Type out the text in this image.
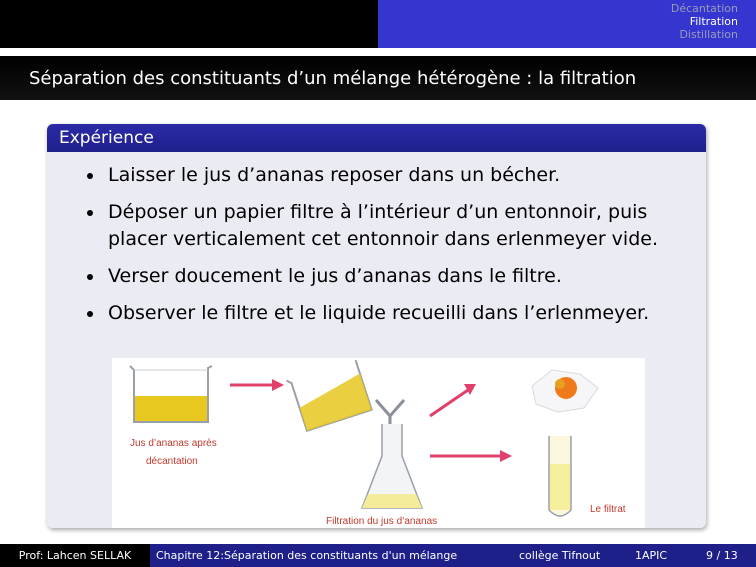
Décantation
Filtration
Distillation
Séparation des constituants d’un mélange hétérogène : la filtration
Expérience
Laisser le jus d’ananas reposer dans un bécher.
Déposer un papier filtre à l’intérieur d’un entonnoir, puis placer verticalement cet entonnoir dans erlenmeyer vide.
Verser doucement le jus d’ananas dans le filtre.
Observer le filtre et le liquide recueilli dans l’erlenmeyer.
Jus d’ananas après
décantation
Filtration du jus d’ananas
Le filtrat
Prof: Lahcen SELLAK	Chapitre 12:Séparation des constituants d'un mélange	collège Tifnout	1APIC	9 / 13
